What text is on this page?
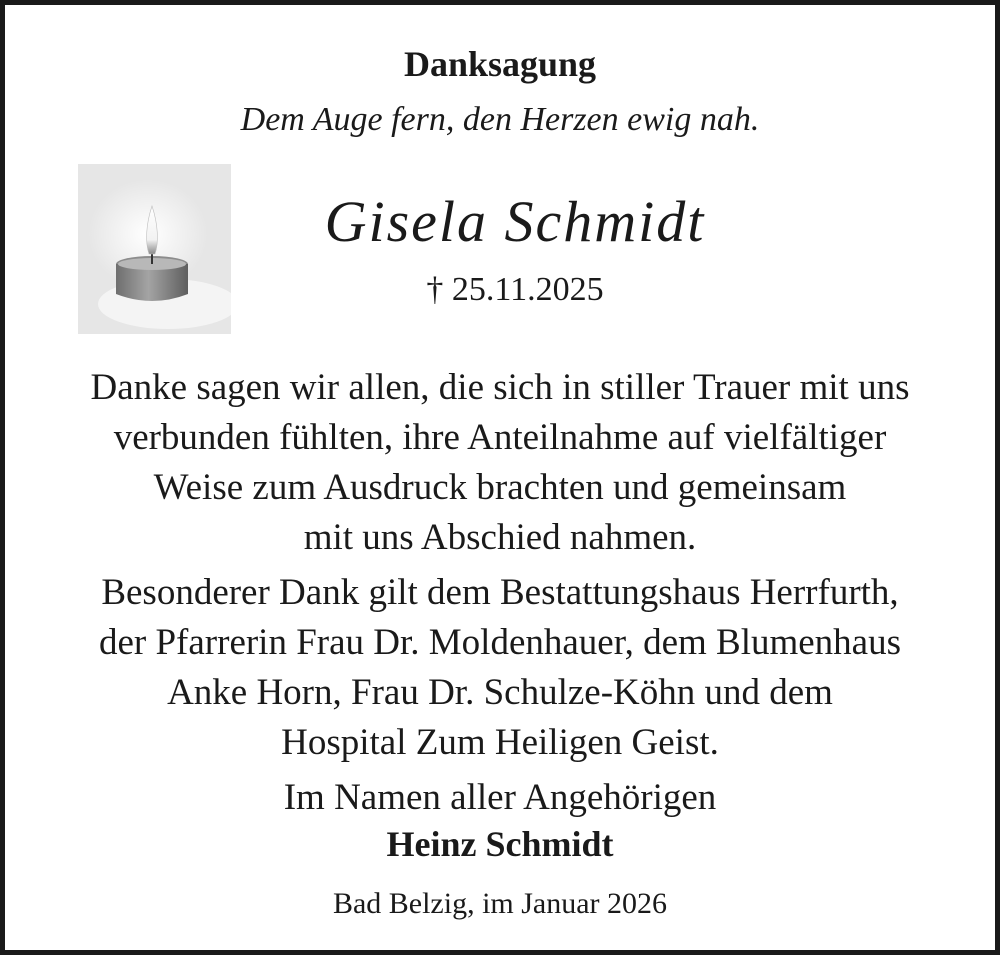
Danksagung
Dem Auge fern, den Herzen ewig nah.
Gisela Schmidt
† 25.11.2025
Danke sagen wir allen, die sich in stiller Trauer mit uns
verbunden fühlten, ihre Anteilnahme auf vielfältiger
Weise zum Ausdruck brachten und gemeinsam
mit uns Abschied nahmen.
Besonderer Dank gilt dem Bestattungshaus Herrfurth,
der Pfarrerin Frau Dr. Moldenhauer, dem Blumenhaus
Anke Horn, Frau Dr. Schulze-Köhn und dem
Hospital Zum Heiligen Geist.
Im Namen aller Angehörigen
Heinz Schmidt
Bad Belzig, im Januar 2026
